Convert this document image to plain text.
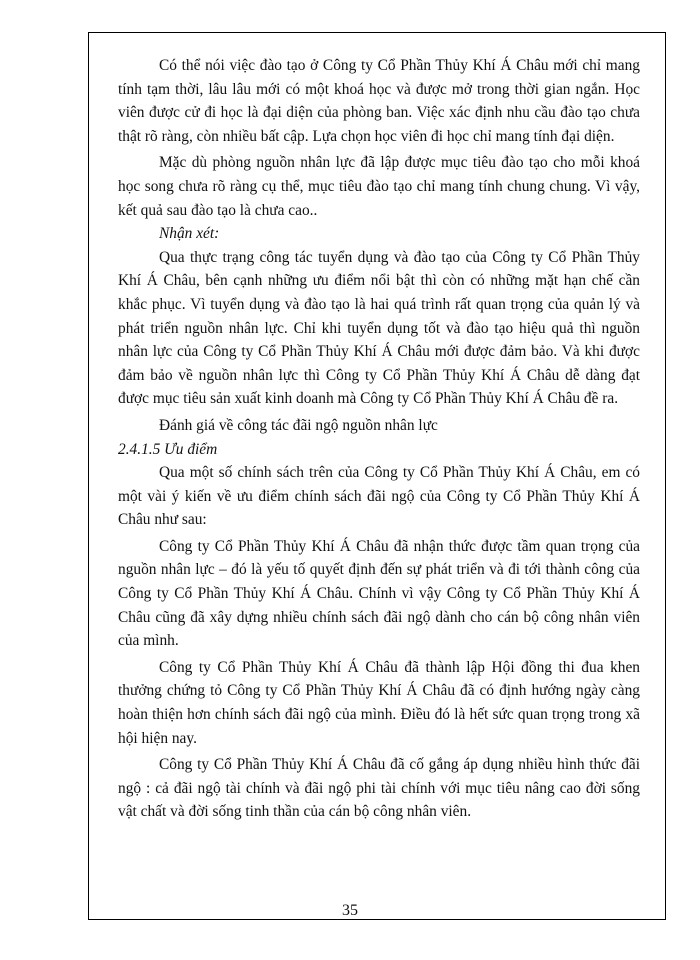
Có thể nói việc đào tạo ở Công ty Cổ Phần Thủy Khí Á Châu mới chỉ mang tính tạm thời, lâu lâu mới có một khoá học và được mở trong thời gian ngắn. Học viên được cử đi học là đại diện của phòng ban. Việc xác định nhu cầu đào tạo chưa thật rõ ràng, còn nhiều bất cập. Lựa chọn học viên đi học chỉ mang tính đại diện.

Mặc dù phòng nguồn nhân lực đã lập được mục tiêu đào tạo cho mỗi khoá học song chưa rõ ràng cụ thể, mục tiêu đào tạo chỉ mang tính chung chung. Vì vậy, kết quả sau đào tạo là chưa cao..

Nhận xét:

Qua thực trạng công tác tuyển dụng và đào tạo của Công ty Cổ Phần Thủy Khí Á Châu, bên cạnh những ưu điểm nổi bật thì còn có những mặt hạn chế cần khắc phục. Vì tuyển dụng và đào tạo là hai quá trình rất quan trọng của quản lý và phát triển nguồn nhân lực. Chỉ khi tuyển dụng tốt và đào tạo hiệu quả thì nguồn nhân lực của Công ty Cổ Phần Thủy Khí Á Châu mới được đảm bảo. Và khi được đảm bảo về nguồn nhân lực thì Công ty Cổ Phần Thủy Khí Á Châu dễ dàng đạt được mục tiêu sản xuất kinh doanh mà Công ty Cổ Phần Thủy Khí Á Châu đề ra.

Đánh giá về công tác đãi ngộ nguồn nhân lực

2.4.1.5 Ưu điểm

Qua một số chính sách trên của Công ty Cổ Phần Thủy Khí Á Châu, em có một vài ý kiến về ưu điểm chính sách đãi ngộ của Công ty Cổ Phần Thủy Khí Á Châu như sau:

Công ty Cổ Phần Thủy Khí Á Châu đã nhận thức được tầm quan trọng của nguồn nhân lực – đó là yếu tố quyết định đến sự phát triển và đi tới thành công của Công ty Cổ Phần Thủy Khí Á Châu. Chính vì vậy Công ty Cổ Phần Thủy Khí Á Châu cũng đã xây dựng nhiều chính sách đãi ngộ dành cho cán bộ công nhân viên của mình.

Công ty Cổ Phần Thủy Khí Á Châu đã thành lập Hội đồng thi đua khen thưởng chứng tỏ Công ty Cổ Phần Thủy Khí Á Châu đã có định hướng ngày càng hoàn thiện hơn chính sách đãi ngộ của mình. Điều đó là hết sức quan trọng trong xã hội hiện nay.

Công ty Cổ Phần Thủy Khí Á Châu đã cố gắng áp dụng nhiều hình thức đãi ngộ : cả đãi ngộ tài chính và đãi ngộ phi tài chính với mục tiêu nâng cao đời sống vật chất và đời sống tinh thần của cán bộ công nhân viên.

35
